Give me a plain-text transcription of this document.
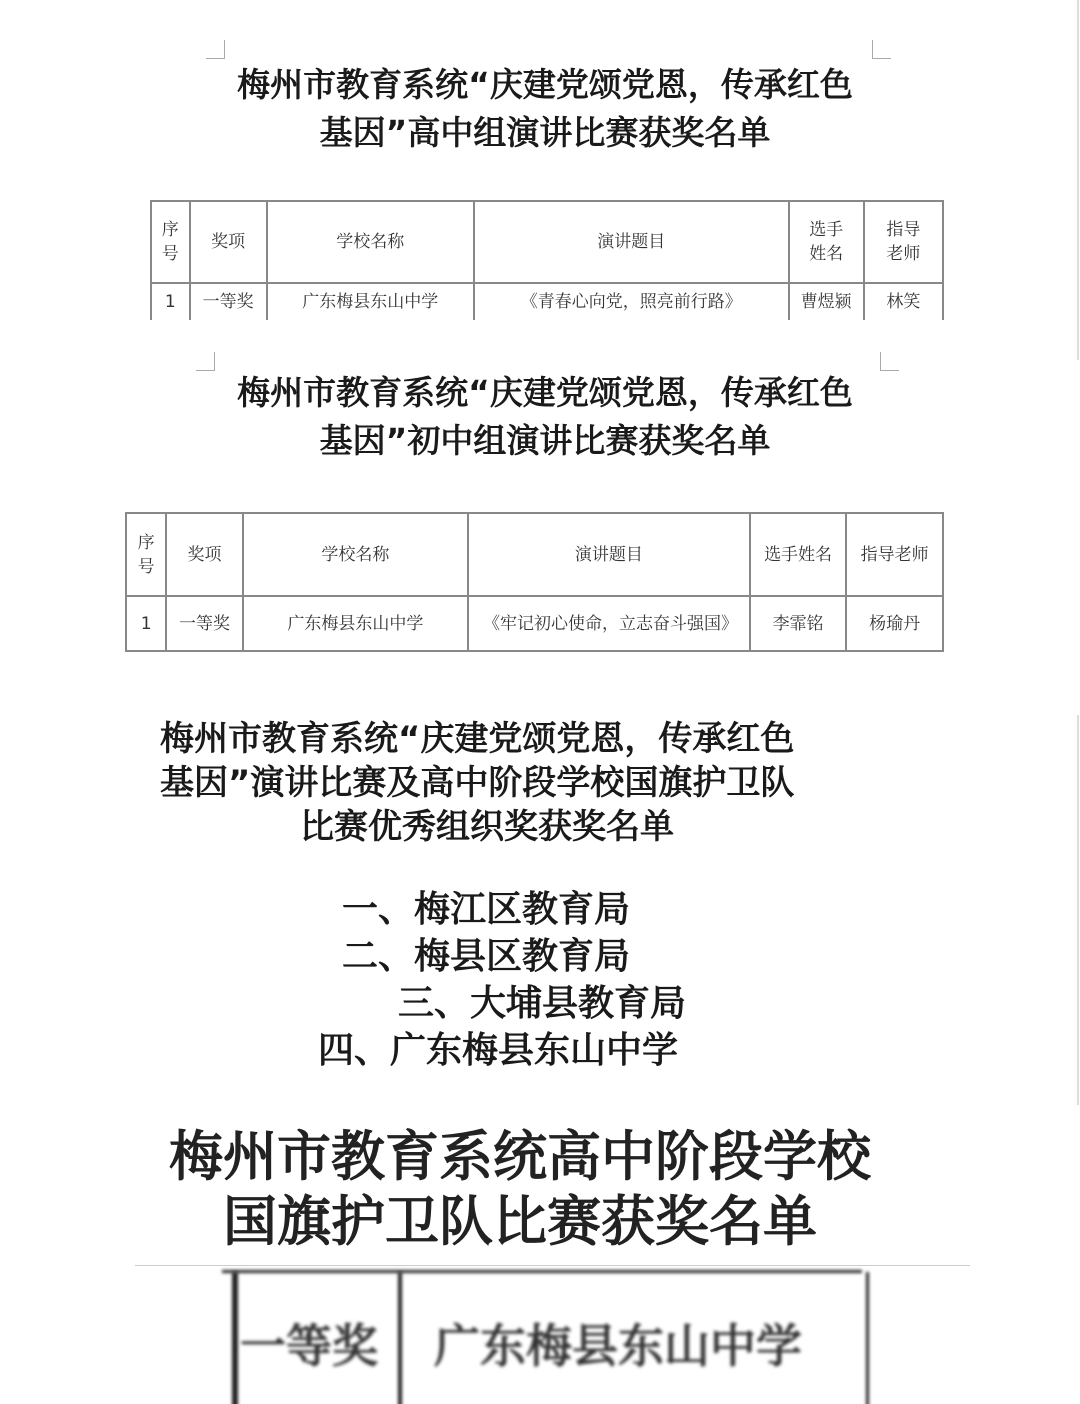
梅州市教育系统“庆建党颂党恩，传承红色
基因”高中组演讲比赛获奖名单
序号	奖项	学校名称	演讲题目	选手姓名	指导老师
1	一等奖	广东梅县东山中学	《青春心向党，照亮前行路》	曹煜颍	林笑
梅州市教育系统“庆建党颂党恩，传承红色
基因”初中组演讲比赛获奖名单
序号	奖项	学校名称	演讲题目	选手姓名	指导老师
1	一等奖	广东梅县东山中学	《牢记初心使命，立志奋斗强国》	李霏铭	杨瑜丹
梅州市教育系统“庆建党颂党恩，传承红色
基因”演讲比赛及高中阶段学校国旗护卫队
比赛优秀组织奖获奖名单
一、梅江区教育局
二、梅县区教育局
三、大埔县教育局
四、广东梅县东山中学
梅州市教育系统高中阶段学校
国旗护卫队比赛获奖名单
一等奖 广东梅县东山中学
